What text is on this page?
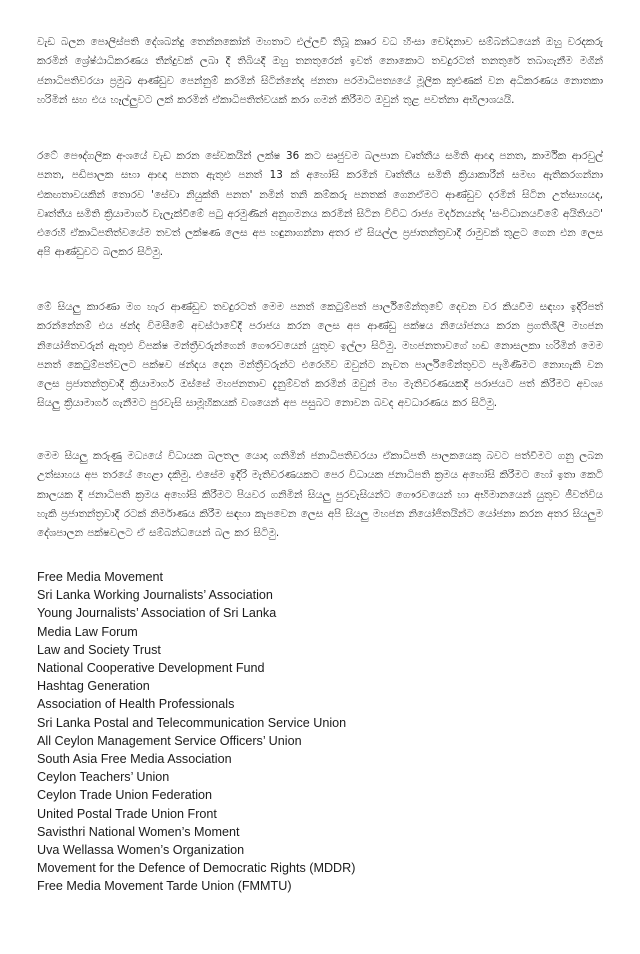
වැඩ බලන පොලිස්පති දේශබන්දු තෙන්නකෝන් මහතාට එල්ලවී තිබූ කෲර වධ හිංසා චෝදනාව සම්බන්ධයෙන් ඔහු වරදකරු කරමින් ශ්‍රේෂ්ඨාධිකරණය තීන්දුවක් ලබා දී තිබියදී ඔහු තනතුරෙන් ඉවත් නොකොට තවදුරටත් තනතුරේ තබාගැනීම මගින් ජනාධිපතිවරයා ප්‍රමුඛ ආණ්ඩුව පෙන්නුම් කරමින් සිටින්නේද ජනතා පරමාධිපත්‍යයේ මූලික කුළුණක් වන අධිකරණය නොතකා හරිමින් සහ එය හෑල්ලුවට ලක් කරමින් ඒකාධිපතිත්වයක් කරා ගමන් කිරීමට ඔවුන් තුළ පවත්නා අභිලාශයයි.

රටේ පෞද්ගලික අංශයේ වැඩ කරන සේවකයින් ලක්ෂ 36 කට සෘජුවම බලපාන වෘත්තීය සමිති ආඥා පනත, කාර්මික ආරවුල් පනත, පඩිපාලක සභා ආඥා පනත ඇතුළු පනත් 13 ක් අහෝසි කරමින් වෘත්තීය සමිති ක්‍රියාකාරීන් සමඟ ඇතිකරගන්නා එකඟතාවයකින් තොරව 'සේවා නියුක්ති පනත' නමින් තනි කම්කරු පනතක් ගෙනඒමට ආණ්ඩුව දරමින් සිටින උත්සාහයද, වෘත්තීය සමිති ක්‍රියාමාර්ග වැලැක්වීමේ පටු අරමුණින් අනුගමනය කරමින් සිටින විවිධ රාජ්‍ය මර්දනයන්ද 'සංවිධානයවීමේ අයිතියට' එරෙහි ඒකාධිපතිත්වයේම තවත් ලක්ෂණ ලෙස අප හඳුනාගන්නා අතර ඒ සියල්ල ප්‍රජාතන්ත්‍රවාදී රාමුවක් තුළට ගෙන එන ලෙස අපි ආණ්ඩුවට බලකර සිටිමු.

මේ සියලු කාරණා මග හැර ආණ්ඩුව තවදුරටත් මෙම පනත් කෙටුම්පත් පාර්ලිමේන්තුවේ දෙවන වර කියවීම සඳහා ඉදිරිපත් කරන්නේනම් එය ඡන්ද විමසීමේ අවස්ථාවේදී පරාජය කරන ලෙස අප ආණ්ඩු පක්ෂය නියෝජනය කරන ප්‍රගතිශීලී මහජන නියෝජිතවරුන් ඇතුළු විපක්ෂ මන්ත්‍රීවරුන්ගෙන් ගෞරවයෙන් යුතුව ඉල්ලා සිටිමු. මහජනතාවගේ හඬ නොසලකා හරිමින් මෙම පනත් කෙටුම්පත්වලට පක්ෂව ඡන්දය දෙන මන්ත්‍රීවරුන්ට එරෙහිව ඔවුන්ට නැවත පාර්ලිමේන්තුවට පැමිණීමට නොහැකි වන ලෙස ප්‍රජාතන්ත්‍රවාදී ක්‍රියාමාර්ග ඔස්සේ මහජනතාව දැනුම්වත් කරමින් ඔවුන් මහ මැතිවරණයකදී පරාජයට පත් කිරීමට අවශ්‍ය සියලු ක්‍රියාමාර්ග ගැනීමට පුරවැසි සාමූහිකයක් වශයෙන් අප පසුබට නොවන බවද අවධාරණය කර සිටිමු.

මෙම සියලු කරුණු මධ්‍යයේ විධායක බලතල යොදා ගනිමින් ජනාධිපතිවරයා ඒකාධිපති පාලකයෙකු බවට පත්වීමට ගනු ලබන උත්සාහය අප තරයේ හෙළා දකිමු. එසේම ඉදිරි මැතිවරණයකට පෙර විධායක ජනාධිපති ක්‍රමය අහෝසි කිරීමට හෝ ඉතා කෙටි කාලයක දී ජනාධිපති ක්‍රමය අහෝසි කිරීමට පියවර ගනිමින් සියලු පුරවැසියන්ට ගෞරවයෙන් හා අභිමානයෙන් යුතුව ජීවත්විය හැකි ප්‍රජාතන්ත්‍රවාදී රටක් නිර්මාණය කිරීම සඳහා කැපවෙන ලෙස අපි සියලු මහජන නියෝජිතයින්ට යෝජනා කරන අතර සියලුම දේශපාලන පක්ෂවලට ඒ සම්බන්ධයෙන් බල කර සිටිමු.

Free Media Movement
Sri Lanka Working Journalists’ Association
Young Journalists’ Association of Sri Lanka
Media Law Forum
Law and Society Trust
National Cooperative Development Fund
Hashtag Generation
Association of Health Professionals
Sri Lanka Postal and Telecommunication Service Union
All Ceylon Management Service Officers’ Union
South Asia Free Media Association
Ceylon Teachers’ Union
Ceylon Trade Union Federation
United Postal Trade Union Front
Savisthri National Women’s Moment
Uva Wellassa Women’s Organization
Movement for the Defence of Democratic Rights (MDDR)
Free Media Movement Tarde Union (FMMTU)
